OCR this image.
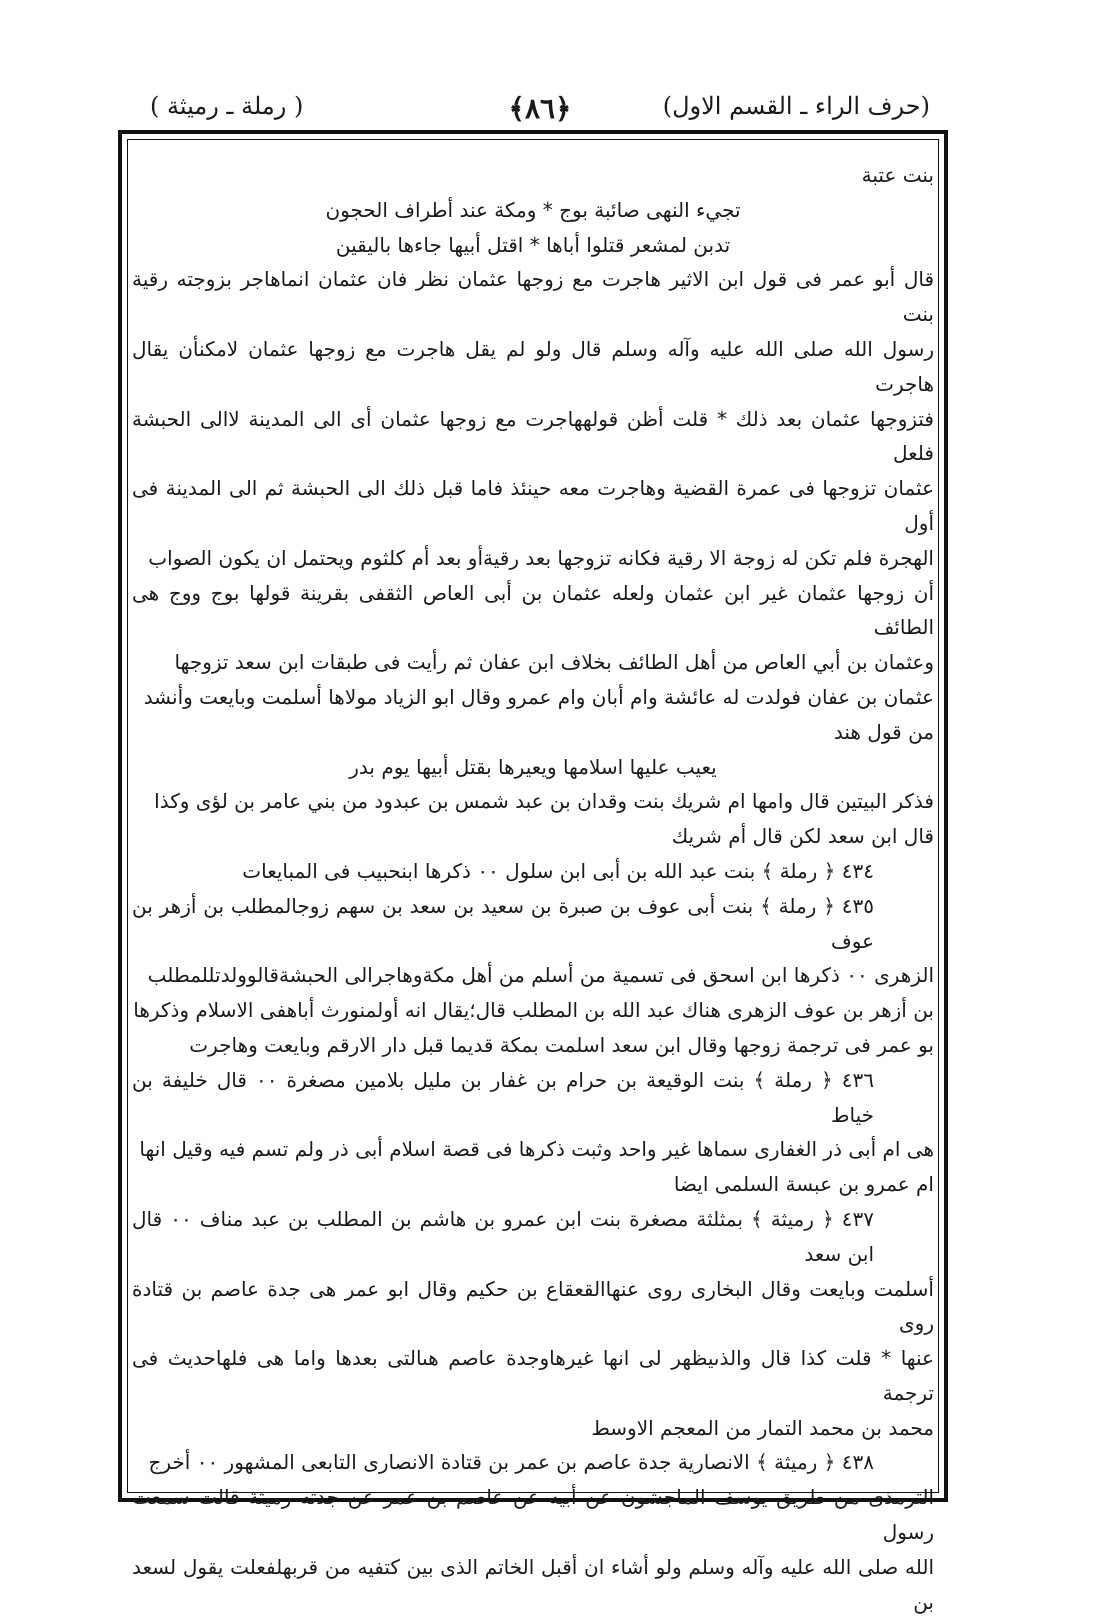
(حرف الراء ـ القسم الاول)
﴿٨٦﴾
( رملة ـ رميثة )

بنت عتبة

تجيء النهى صائبة بوج * ومكة عند أطراف الحجون

تدبن لمشعر قتلوا أباها * اقتل أبيها جاءها باليقين

قال أبو عمر فى قول ابن الاثير هاجرت مع زوجها عثمان نظر فان عثمان انماهاجر بزوجته رقية بنت

رسول الله صلى الله عليه وآله وسلم قال ولو لم يقل هاجرت مع زوجها عثمان لامكنأن يقال هاجرت

فتزوجها عثمان بعد ذلك * قلت أظن قولههاجرت مع زوجها عثمان أى الى المدينة لاالى الحبشة فلعل

عثمان تزوجها فى عمرة القضية وهاجرت معه حينئذ فاما قبل ذلك الى الحبشة ثم الى المدينة فى أول

الهجرة فلم تكن له زوجة الا رقية فكانه تزوجها بعد رقيةأو بعد أم كلثوم ويحتمل ان يكون الصواب

أن زوجها عثمان غير ابن عثمان ولعله عثمان بن أبى العاص الثقفى بقرينة قولها بوج ووج هى الطائف

وعثمان بن أبي العاص من أهل الطائف بخلاف ابن عفان ثم رأيت فى طبقات ابن سعد تزوجها

عثمان بن عفان فولدت له عائشة وام أبان وام عمرو وقال ابو الزياد مولاها أسلمت وبايعت وأنشد

من قول هند

يعيب عليها اسلامها ويعيرها بقتل أبيها يوم بدر

فذكر البيتين قال وامها ام شريك بنت وقدان بن عبد شمس بن عبدود من بني عامر بن لؤى وكذا

قال ابن سعد لكن قال أم شريك

٤٣٤ ﴿ رملة ﴾ بنت عبد الله بن أبى ابن سلول ٠٠ ذكرها ابنحبيب فى المبايعات

٤٣٥ ﴿ رملة ﴾ بنت أبى عوف بن صبرة بن سعيد بن سعد بن سهم زوجالمطلب بن أزهر بن عوف

الزهرى ٠٠ ذكرها ابن اسحق فى تسمية من أسلم من أهل مكةوهاجرالى الحبشةقالوولدتللمطلب

بن أزهر بن عوف الزهرى هناك عبد الله بن المطلب قال؛يقال انه أولمنورث أباهفى الاسلام وذكرها

بو عمر فى ترجمة زوجها وقال ابن سعد اسلمت بمكة قديما قبل دار الارقم وبايعت وهاجرت

٤٣٦ ﴿ رملة ﴾ بنت الوقيعة بن حرام بن غفار بن مليل بلامين مصغرة ٠٠ قال خليفة بن خياط

هى ام أبى ذر الغفارى سماها غير واحد وثبت ذكرها فى قصة اسلام أبى ذر ولم تسم فيه وقيل انها

ام عمرو بن عبسة السلمى ايضا

٤٣٧ ﴿ رميثة ﴾ بمثلثة مصغرة بنت ابن عمرو بن هاشم بن المطلب بن عبد مناف ٠٠ قال ابن سعد

أسلمت وبايعت وقال البخارى روى عنهاالقعقاع بن حكيم وقال ابو عمر هى جدة عاصم بن قتادة روى

عنها * قلت كذا قال والذىيظهر لى انها غيرهاوجدة عاصم هىالتى بعدها واما هى فلهاحديث فى ترجمة

محمد بن محمد التمار من المعجم الاوسط

٤٣٨ ﴿ رميثة ﴾ الانصارية جدة عاصم بن عمر بن قتادة الانصارى التابعى المشهور ٠٠ أخرج

الترمذى من طريق يوسف الماجشون عن أبيه عن عاصم بن عمر عن جدته رميثة قالت سمعت رسول

الله صلى الله عليه وآله وسلم ولو أشاء ان أقبل الخاتم الذى بين كتفيه من قربهلفعلت يقول لسعد بن
